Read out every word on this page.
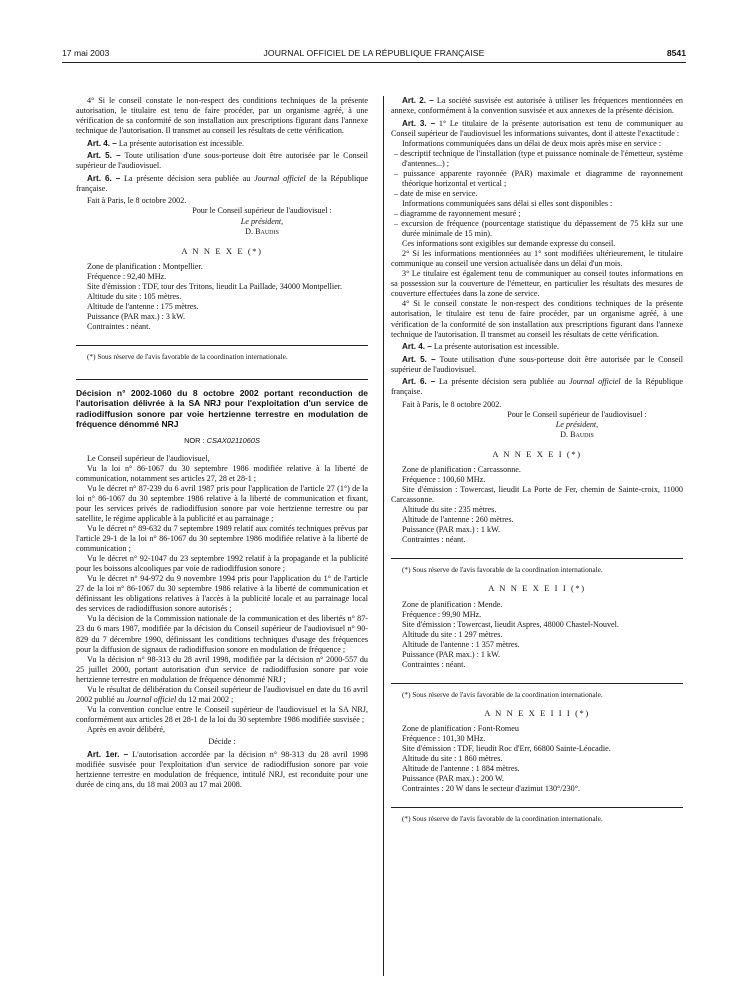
17 mai 2003	JOURNAL OFFICIEL DE LA RÉPUBLIQUE FRANÇAISE	8541

4° Si le conseil constate le non-respect des conditions techniques de la présente autorisation, le titulaire est tenu de faire procéder, par un organisme agréé, à une vérification de sa conformité de son installation aux prescriptions figurant dans l'annexe technique de l'autorisation. Il transmet au conseil les résultats de cette vérification.

Art. 4. – La présente autorisation est incessible.

Art. 5. – Toute utilisation d'une sous-porteuse doit être autorisée par le Conseil supérieur de l'audiovisuel.

Art. 6. – La présente décision sera publiée au Journal officiel de la République française.

Fait à Paris, le 8 octobre 2002.

Pour le Conseil supérieur de l'audiovisuel :

Le président,

D. Baudis

A N N E X E (*)

Zone de planification : Montpellier.

Fréquence : 92,40 MHz.

Site d'émission : TDF, tour des Tritons, lieudit La Paillade, 34000 Montpellier.

Altitude du site : 105 mètres.

Altitude de l'antenne : 175 mètres.

Puissance (PAR max.) : 3 kW.

Contraintes : néant.

(*) Sous réserve de l'avis favorable de la coordination internationale.

Décision n° 2002-1060 du 8 octobre 2002 portant reconduction de l'autorisation délivrée à la SA NRJ pour l'exploitation d'un service de radiodiffusion sonore par voie hertzienne terrestre en modulation de fréquence dénommé NRJ

NOR : CSAX0211060S

Le Conseil supérieur de l'audiovisuel,

Vu la loi n° 86-1067 du 30 septembre 1986 modifiée relative à la liberté de communication, notamment ses articles 27, 28 et 28-1 ;

Vu le décret n° 87-239 du 6 avril 1987 pris pour l'application de l'article 27 (1°) de la loi n° 86-1067 du 30 septembre 1986 relative à la liberté de communication et fixant, pour les services privés de radiodiffusion sonore par voie hertzienne terrestre ou par satellite, le régime applicable à la publicité et au parrainage ;

Vu le décret n° 89-632 du 7 septembre 1989 relatif aux comités techniques prévus par l'article 29-1 de la loi n° 86-1067 du 30 septembre 1986 modifiée relative à la liberté de communication ;

Vu le décret n° 92-1047 du 23 septembre 1992 relatif à la propagande et la publicité pour les boissons alcooliques par voie de radiodiffusion sonore ;

Vu le décret n° 94-972 du 9 novembre 1994 pris pour l'application du 1° de l'article 27 de la loi n° 86-1067 du 30 septembre 1986 relative à la liberté de communication et définissant les obligations relatives à l'accès à la publicité locale et au parrainage local des services de radiodiffusion sonore autorisés ;

Vu la décision de la Commission nationale de la communication et des libertés n° 87-23 du 6 mars 1987, modifiée par la décision du Conseil supérieur de l'audiovisuel n° 90-829 du 7 décembre 1990, définissant les conditions techniques d'usage des fréquences pour la diffusion de signaux de radiodiffusion sonore en modulation de fréquence ;

Vu la décision n° 98-313 du 28 avril 1998, modifiée par la décision n° 2000-557 du 25 juillet 2000, portant autorisation d'un service de radiodiffusion sonore par voie hertzienne terrestre en modulation de fréquence dénommé NRJ ;

Vu le résultat de délibération du Conseil supérieur de l'audiovisuel en date du 16 avril 2002 publié au Journal officiel du 12 mai 2002 ;

Vu la convention conclue entre le Conseil supérieur de l'audiovisuel et la SA NRJ, conformément aux articles 28 et 28-1 de la loi du 30 septembre 1986 modifiée susvisée ;

Après en avoir délibéré,

Décide :

Art. 1er. – L'autorisation accordée par la décision n° 98-313 du 28 avril 1998 modifiée susvisée pour l'exploitation d'un service de radiodiffusion sonore par voie hertzienne terrestre en modulation de fréquence, intitulé NRJ, est reconduite pour une durée de cinq ans, du 18 mai 2003 au 17 mai 2008.

Art. 2. – La société susvisée est autorisée à utiliser les fréquences mentionnées en annexe, conformément à la convention susvisée et aux annexes de la présente décision.

Art. 3. – 1° Le titulaire de la présente autorisation est tenu de communiquer au Conseil supérieur de l'audiovisuel les informations suivantes, dont il atteste l'exactitude :

Informations communiquées dans un délai de deux mois après mise en service :

– descriptif technique de l'installation (type et puissance nominale de l'émetteur, système d'antennes...) ;

– puissance apparente rayonnée (PAR) maximale et diagramme de rayonnement théorique horizontal et vertical ;

– date de mise en service.

Informations communiquées sans délai si elles sont disponibles :

– diagramme de rayonnement mesuré ;

– excursion de fréquence (pourcentage statistique du dépassement de 75 kHz sur une durée minimale de 15 min).

Ces informations sont exigibles sur demande expresse du conseil.

2° Si les informations mentionnées au 1° sont modifiées ultérieurement, le titulaire communique au conseil une version actualisée dans un délai d'un mois.

3° Le titulaire est également tenu de communiquer au conseil toutes informations en sa possession sur la couverture de l'émetteur, en particulier les résultats des mesures de couverture effectuées dans la zone de service.

4° Si le conseil constate le non-respect des conditions techniques de la présente autorisation, le titulaire est tenu de faire procéder, par un organisme agréé, à une vérification de la conformité de son installation aux prescriptions figurant dans l'annexe technique de l'autorisation. Il transmet au conseil les résultats de cette vérification.

Art. 4. – La présente autorisation est incessible.

Art. 5. – Toute utilisation d'une sous-porteuse doit être autorisée par le Conseil supérieur de l'audiovisuel.

Art. 6. – La présente décision sera publiée au Journal officiel de la République française.

Fait à Paris, le 8 octobre 2002.

Pour le Conseil supérieur de l'audiovisuel :

Le président,

D. Baudis

A N N E X E I (*)

Zone de planification : Carcassonne.

Fréquence : 100,60 MHz.

Site d'émission : Towercast, lieudit La Porte de Fer, chemin de Sainte-croix, 11000 Carcassonne.

Altitude du site : 235 mètres.

Altitude de l'antenne : 260 mètres.

Puissance (PAR max.) : 1 kW.

Contraintes : néant.

(*) Sous réserve de l'avis favorable de la coordination internationale.

A N N E X E I I (*)

Zone de planification : Mende.

Fréquence : 99,90 MHz.

Site d'émission : Towercast, lieudit Aspres, 48000 Chastel-Nouvel.

Altitude du site : 1 297 mètres.

Altitude de l'antenne : 1 357 mètres.

Puissance (PAR max.) : 1 kW.

Contraintes : néant.

(*) Sous réserve de l'avis favorable de la coordination internationale.

A N N E X E I I I (*)

Zone de planification : Font-Romeu

Fréquence : 101,30 MHz.

Site d'émission : TDF, lieudit Roc d'Err, 66800 Sainte-Léocadie.

Altitude du site : 1 860 mètres.

Altitude de l'antenne : 1 884 mètres.

Puissance (PAR max.) : 200 W.

Contraintes : 20 W dans le secteur d'azimut 130°/230°.

(*) Sous réserve de l'avis favorable de la coordination internationale.
